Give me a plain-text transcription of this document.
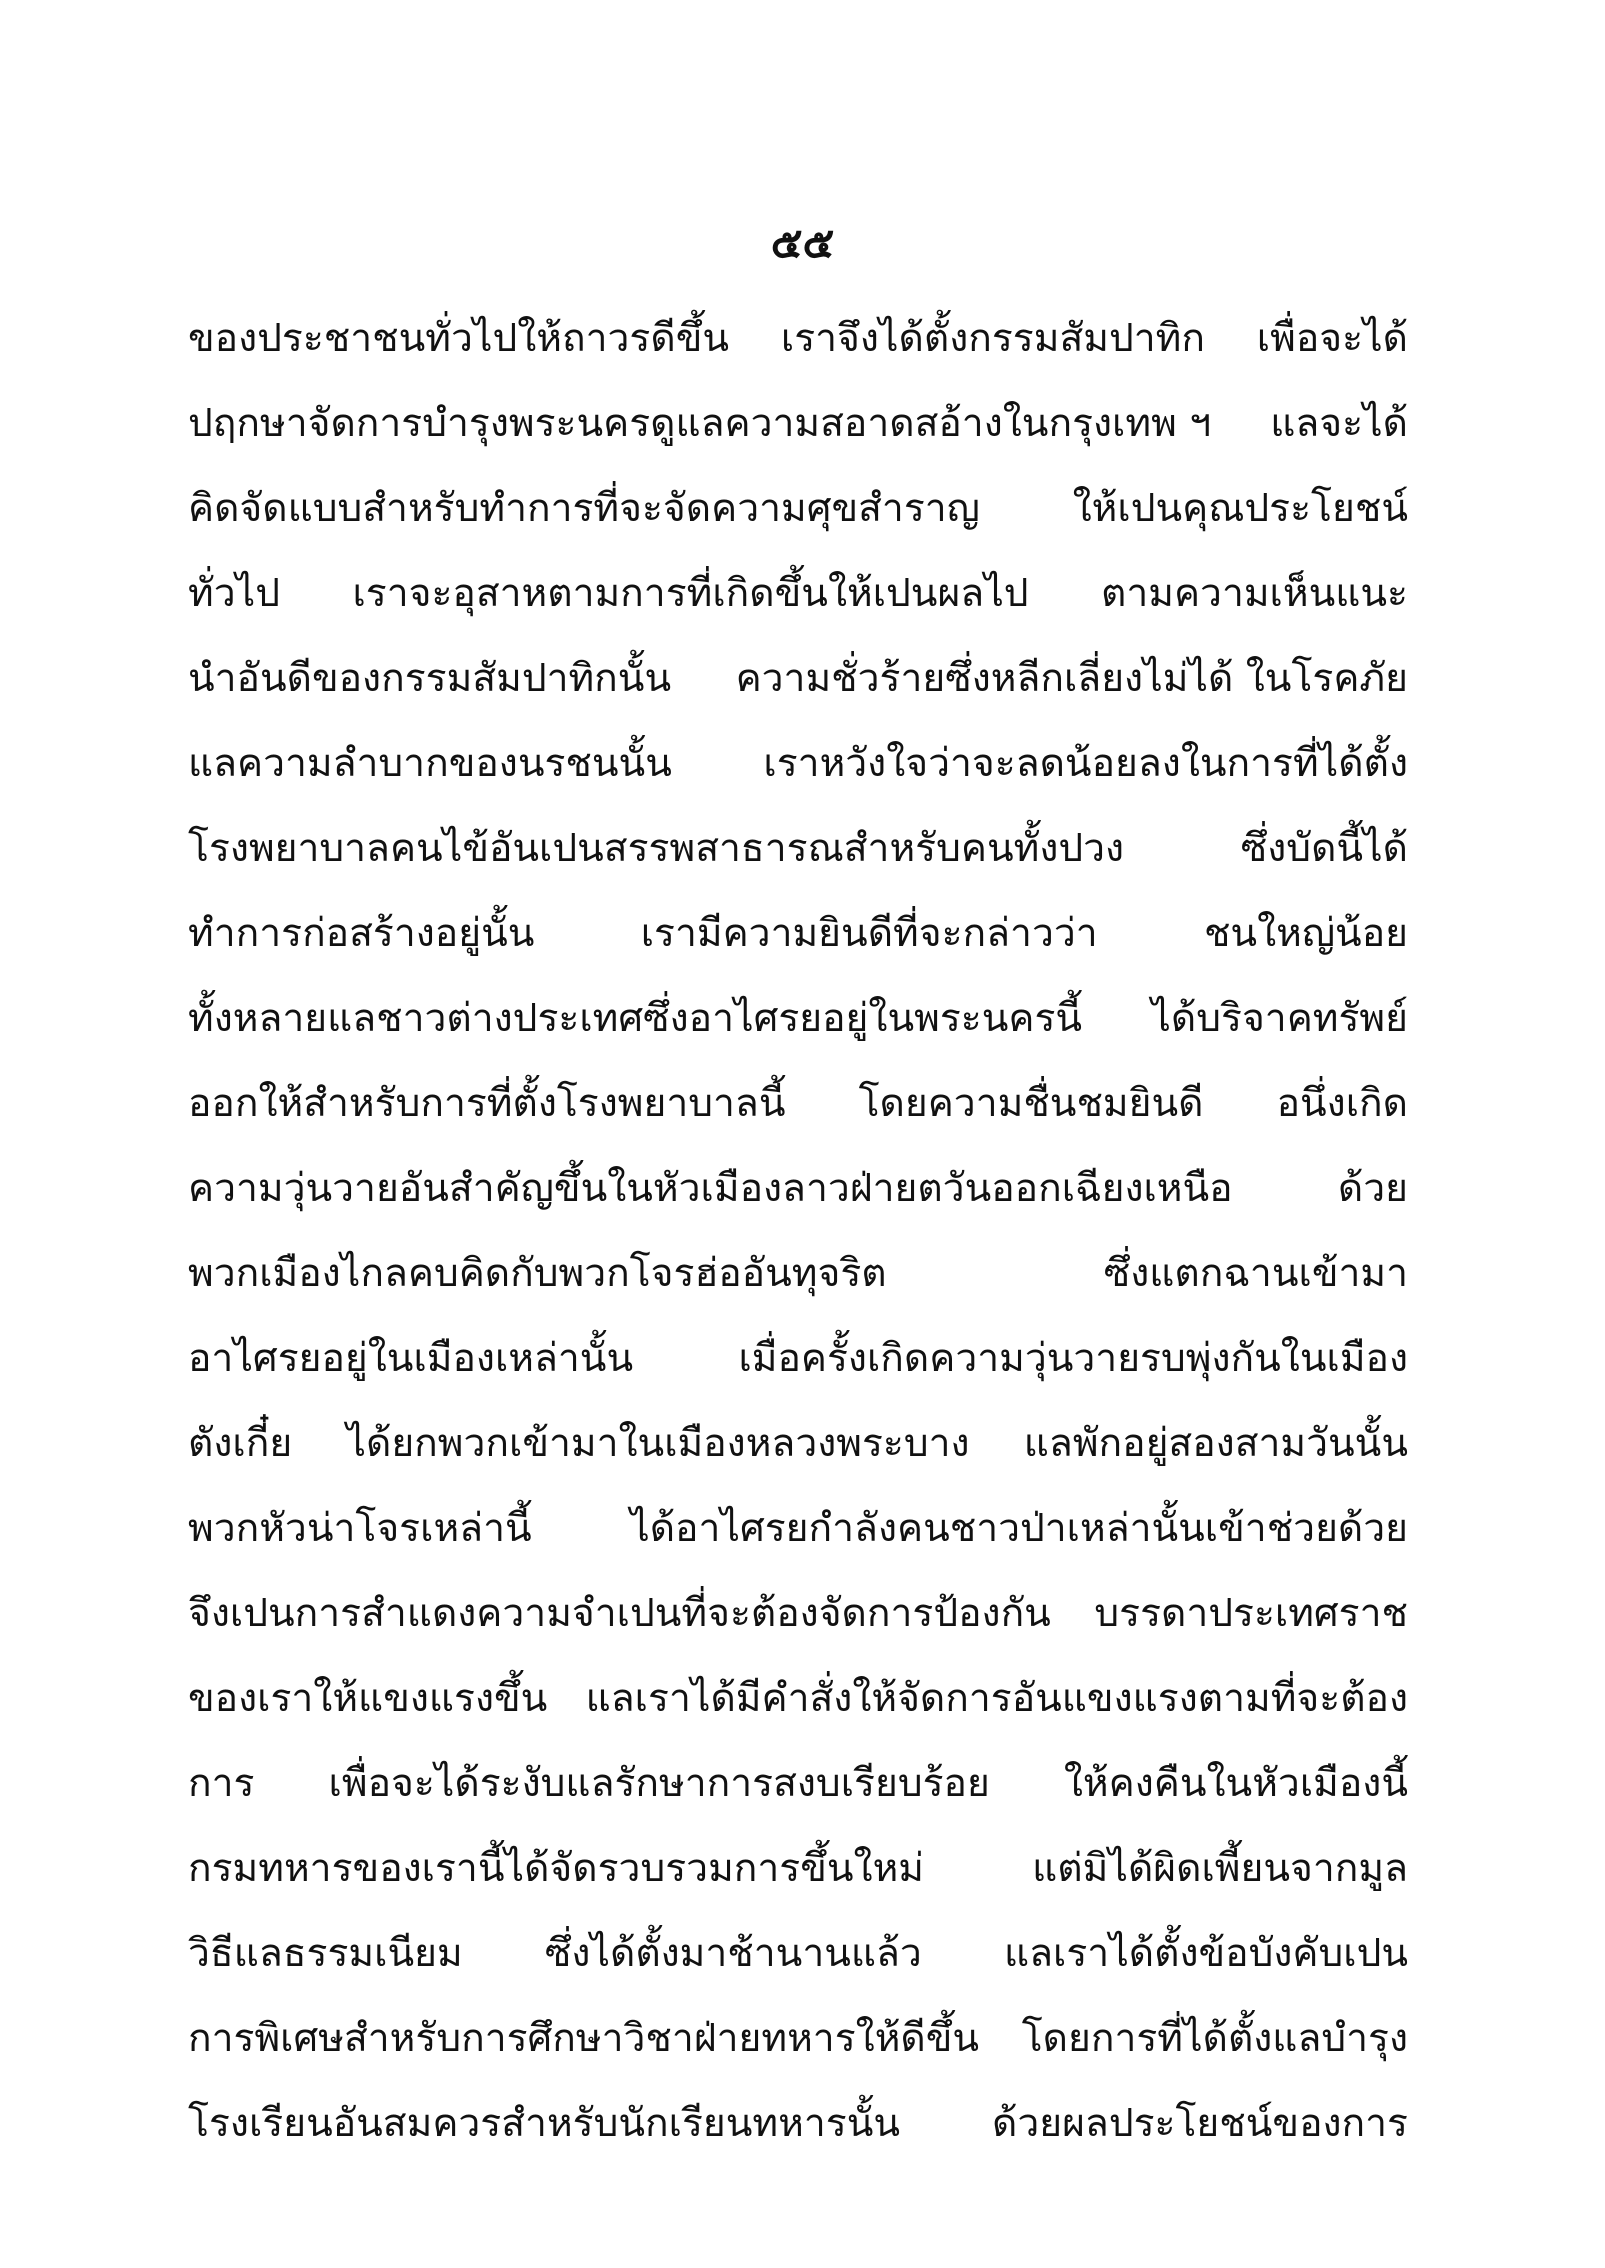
๕๕
ของประชาชนทั่วไปให้ถาวรดีขึ้น เราจึงได้ตั้งกรรมสัมปาทิก เพื่อจะได้
ปฤกษาจัดการบำรุงพระนครดูแลความสอาดสอ้างในกรุงเทพ ฯ แลจะได้
คิดจัดแบบสำหรับทำการที่จะจัดความศุขสำราญ ให้เปนคุณประโยชน์
ทั่วไป เราจะอุสาหตามการที่เกิดขึ้นให้เปนผลไป ตามความเห็นแนะ
นำอันดีของกรรมสัมปาทิกนั้น ความชั่วร้ายซึ่งหลีกเลี่ยงไม่ได้ ในโรคภัย
แลความลำบากของนรชนนั้น เราหวังใจว่าจะลดน้อยลงในการที่ได้ตั้ง
โรงพยาบาลคนไข้อันเปนสรรพสาธารณสำหรับคนทั้งปวง	ซึ่งบัดนี้ได้
ทำการก่อสร้างอยู่นั้น	เรามีความยินดีที่จะกล่าวว่า	ชนใหญ่น้อย
ทั้งหลายแลชาวต่างประเทศซึ่งอาไศรยอยู่ในพระนครนี้ ได้บริจาคทรัพย์
ออกให้สำหรับการที่ตั้งโรงพยาบาลนี้ โดยความชื่นชมยินดี อนึ่งเกิด
ความวุ่นวายอันสำคัญขึ้นในหัวเมืองลาวฝ่ายตวันออกเฉียงเหนือ	ด้วย
พวกเมืองไกลคบคิดกับพวกโจรฮ่ออันทุจริต	ซึ่งแตกฉานเข้ามา
อาไศรยอยู่ในเมืองเหล่านั้น	เมื่อครั้งเกิดความวุ่นวายรบพุ่งกันในเมือง
ตังเกี๋ย ได้ยกพวกเข้ามาในเมืองหลวงพระบาง แลพักอยู่สองสามวันนั้น
พวกหัวน่าโจรเหล่านี้	ได้อาไศรยกำลังคนชาวป่าเหล่านั้นเข้าช่วยด้วย
จึงเปนการสำแดงความจำเปนที่จะต้องจัดการป้องกัน บรรดาประเทศราช
ของเราให้แขงแรงขึ้น แลเราได้มีคำสั่งให้จัดการอันแขงแรงตามที่จะต้อง
การ เพื่อจะได้ระงับแลรักษาการสงบเรียบร้อย ให้คงคืนในหัวเมืองนี้
กรมทหารของเรานี้ได้จัดรวบรวมการขึ้นใหม่	แต่มิได้ผิดเพี้ยนจากมูล
วิธีแลธรรมเนียม ซึ่งได้ตั้งมาช้านานแล้ว แลเราได้ตั้งข้อบังคับเปน
การพิเศษสำหรับการศึกษาวิชาฝ่ายทหารให้ดีขึ้น โดยการที่ได้ตั้งแลบำรุง
โรงเรียนอันสมควรสำหรับนักเรียนทหารนั้น ด้วยผลประโยชน์ของการ
